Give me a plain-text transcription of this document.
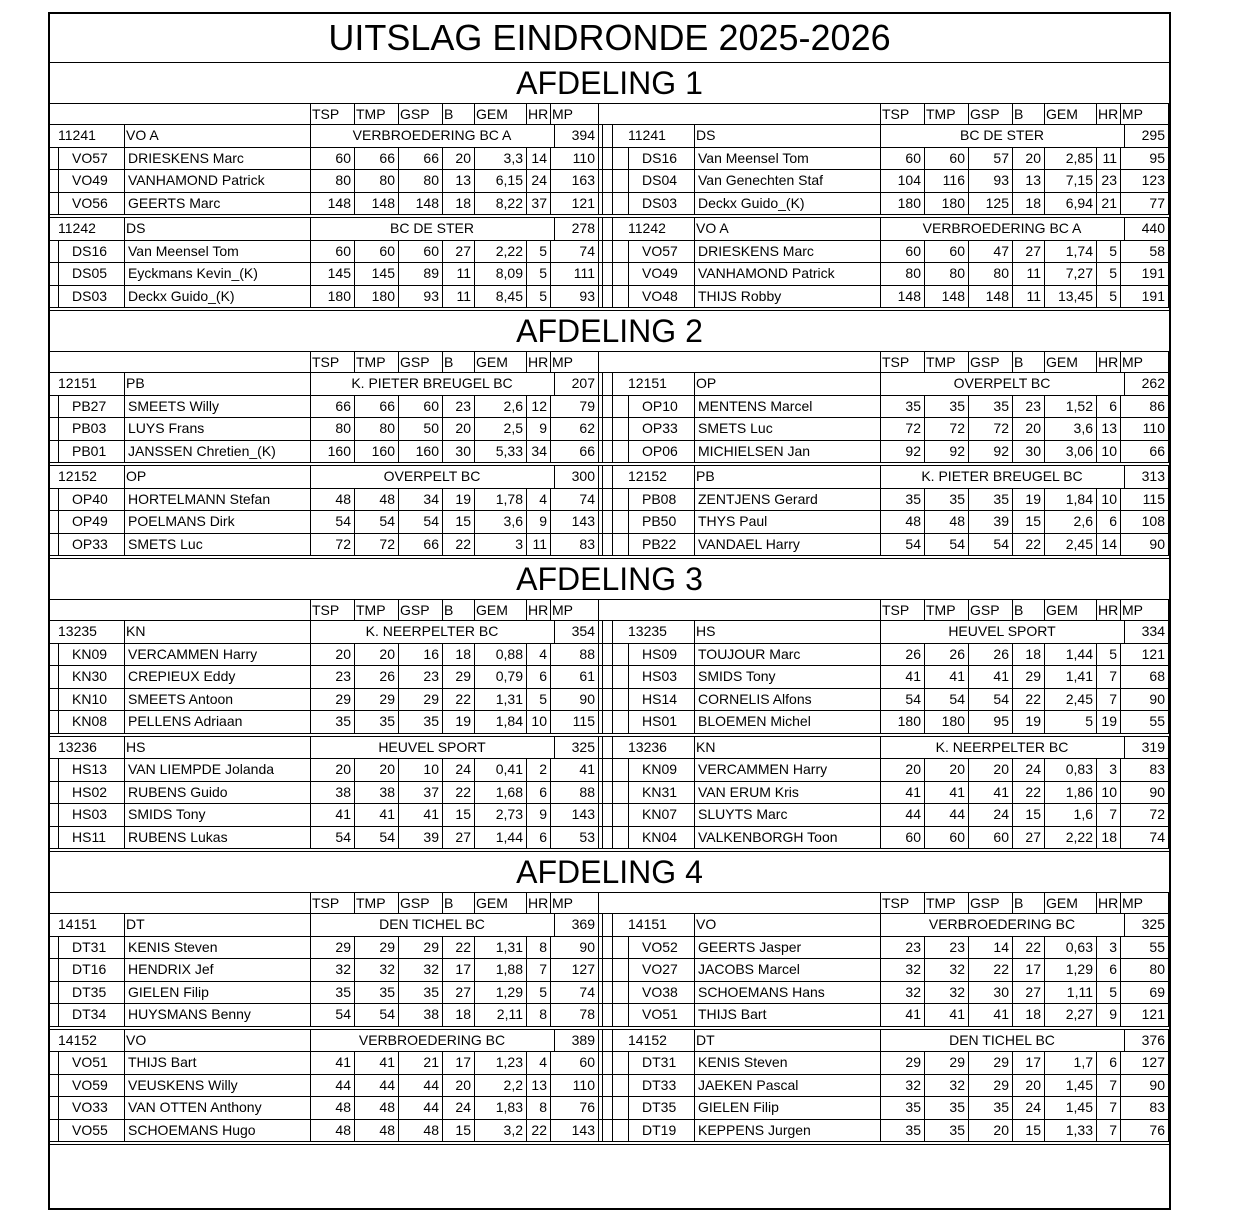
UITSLAG EINDRONDE 2025-2026
AFDELING 1
TSP TMP GSP B GEM HR MP	TSP TMP GSP B GEM HR MP
11241	VO A	VERBROEDERING BC A	394
VO57	DRIESKENS Marc	60	66	66	20	3,3 14	110
VO49	VANHAMOND Patrick	80	80	80	13	6,15 24	163
VO56	GEERTS Marc	148	148	148	18	8,22 37	121
11241	DS	BC DE STER	295
DS16	Van Meensel Tom	60	60	57	20	2,85 11	95
DS04	Van Genechten Staf	104	116	93	13	7,15 23	123
DS03	Deckx Guido_(K)	180	180	125	18	6,94 21	77
11242	DS	BC DE STER	278
DS16	Van Meensel Tom	60	60	60	27	2,22	5	74
DS05	Eyckmans Kevin_(K)	145	145	89	11	8,09	5	111
DS03	Deckx Guido_(K)	180	180	93	11	8,45	5	93
11242	VO A	VERBROEDERING BC A	440
VO57	DRIESKENS Marc	60	60	47	27	1,74	5	58
VO49	VANHAMOND Patrick	80	80	80	11	7,27	5	191
VO48	THIJS Robby	148	148	148	11	13,45	5	191
AFDELING 2
TSP TMP GSP B GEM HR MP	TSP TMP GSP B GEM HR MP
12151	PB	K. PIETER BREUGEL BC	207
PB27	SMEETS Willy	66	66	60	23	2,6 12	79
PB03	LUYS Frans	80	80	50	20	2,5	9	62
PB01	JANSSEN Chretien_(K)	160	160	160	30	5,33 34	66
12151	OP	OVERPELT BC	262
OP10	MENTENS Marcel	35	35	35	23	1,52	6	86
OP33	SMETS Luc	72	72	72	20	3,6 13	110
OP06	MICHIELSEN Jan	92	92	92	30	3,06 10	66
12152	OP	OVERPELT BC	300
OP40	HORTELMANN Stefan	48	48	34	19	1,78	4	74
OP49	POELMANS Dirk	54	54	54	15	3,6	9	143
OP33	SMETS Luc	72	72	66	22	3 11	83
12152	PB	K. PIETER BREUGEL BC	313
PB08	ZENTJENS Gerard	35	35	35	19	1,84 10	115
PB50	THYS Paul	48	48	39	15	2,6	6	108
PB22	VANDAEL Harry	54	54	54	22	2,45 14	90
AFDELING 3
TSP TMP GSP B GEM HR MP	TSP TMP GSP B GEM HR MP
13235	KN	K. NEERPELTER BC	354
KN09	VERCAMMEN Harry	20	20	16	18	0,88	4	88
KN30	CREPIEUX Eddy	23	26	23	29	0,79	6	61
KN10	SMEETS Antoon	29	29	29	22	1,31	5	90
KN08	PELLENS Adriaan	35	35	35	19	1,84 10	115
13235	HS	HEUVEL SPORT	334
HS09	TOUJOUR Marc	26	26	26	18	1,44	5	121
HS03	SMIDS Tony	41	41	41	29	1,41	7	68
HS14	CORNELIS Alfons	54	54	54	22	2,45	7	90
HS01	BLOEMEN Michel	180	180	95	19	5 19	55
13236	HS	HEUVEL SPORT	325
HS13	VAN LIEMPDE Jolanda	20	20	10	24	0,41	2	41
HS02	RUBENS Guido	38	38	37	22	1,68	6	88
HS03	SMIDS Tony	41	41	41	15	2,73	9	143
HS11	RUBENS Lukas	54	54	39	27	1,44	6	53
13236	KN	K. NEERPELTER BC	319
KN09	VERCAMMEN Harry	20	20	20	24	0,83	3	83
KN31	VAN ERUM Kris	41	41	41	22	1,86 10	90
KN07	SLUYTS Marc	44	44	24	15	1,6	7	72
KN04	VALKENBORGH Toon	60	60	60	27	2,22 18	74
AFDELING 4
TSP TMP GSP B GEM HR MP	TSP TMP GSP B GEM HR MP
14151	DT	DEN TICHEL BC	369
DT31	KENIS Steven	29	29	29	22	1,31	8	90
DT16	HENDRIX Jef	32	32	32	17	1,88	7	127
DT35	GIELEN Filip	35	35	35	27	1,29	5	74
DT34	HUYSMANS Benny	54	54	38	18	2,11	8	78
14151	VO	VERBROEDERING BC	325
VO52	GEERTS Jasper	23	23	14	22	0,63	3	55
VO27	JACOBS Marcel	32	32	22	17	1,29	6	80
VO38	SCHOEMANS Hans	32	32	30	27	1,11	5	69
VO51	THIJS Bart	41	41	41	18	2,27	9	121
14152	VO	VERBROEDERING BC	389
VO51	THIJS Bart	41	41	21	17	1,23	4	60
VO59	VEUSKENS Willy	44	44	44	20	2,2 13	110
VO33	VAN OTTEN Anthony	48	48	44	24	1,83	8	76
VO55	SCHOEMANS Hugo	48	48	48	15	3,2 22	143
14152	DT	DEN TICHEL BC	376
DT31	KENIS Steven	29	29	29	17	1,7	6	127
DT33	JAEKEN Pascal	32	32	29	20	1,45	7	90
DT35	GIELEN Filip	35	35	35	24	1,45	7	83
DT19	KEPPENS Jurgen	35	35	20	15	1,33	7	76
